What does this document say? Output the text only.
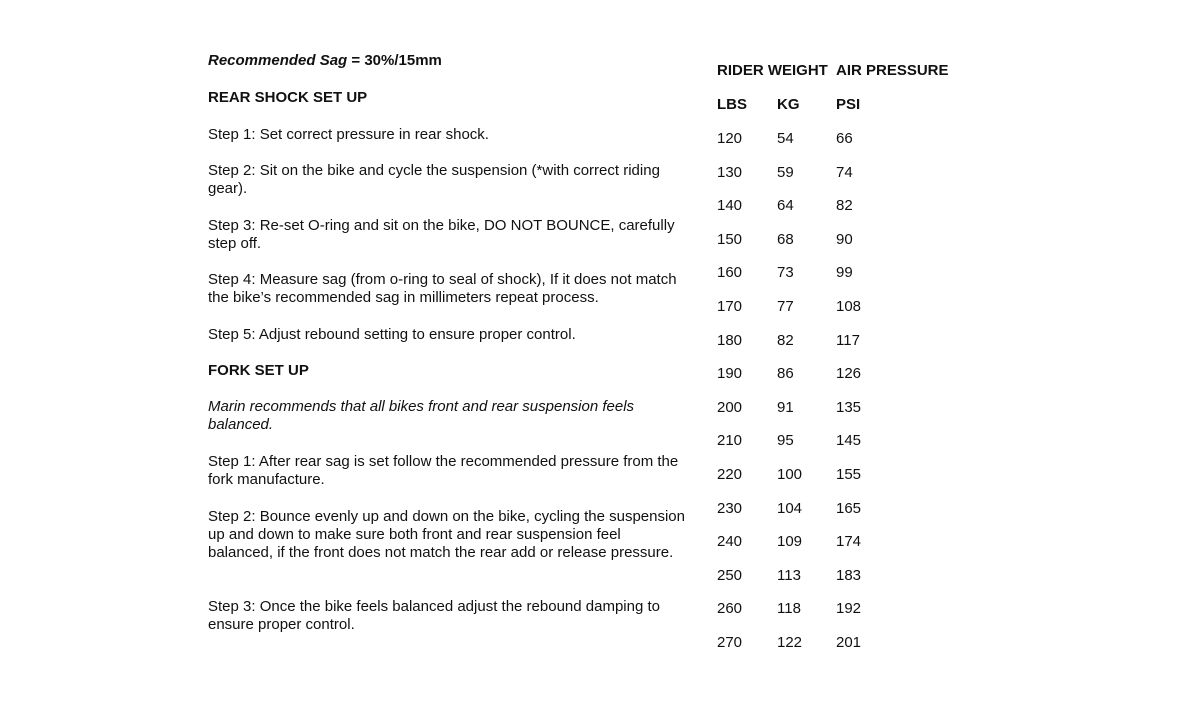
Recommended Sag = 30%/15mm

REAR SHOCK SET UP

Step 1: Set correct pressure in rear shock.

Step 2: Sit on the bike and cycle the suspension (*with correct riding gear).

Step 3: Re-set O-ring and sit on the bike, DO NOT BOUNCE, carefully step off.

Step 4: Measure sag (from o-ring to seal of shock), If it does not match the bike’s recommended sag in millimeters repeat process.

Step 5: Adjust rebound setting to ensure proper control.

FORK SET UP

Marin recommends that all bikes front and rear suspension feels balanced.

Step 1: After rear sag is set follow the recommended pressure from the fork manufacture.

Step 2: Bounce evenly up and down on the bike, cycling the suspension up and down to make sure both front and rear suspension feel balanced, if the front does not match the rear add or release pressure.

Step 3: Once the bike feels balanced adjust the rebound damping to ensure proper control.

RIDER WEIGHT AIR PRESSURE
LBS KG PSI
120 54	66
130 59	74
140 64	82
150 68	90
160 73	99
170 77	108
180 82	117
190 86	126
200 91	135
210 95	145
220 100 155
230 104 165
240 109 174
250 113 183
260 118 192
270 122 201
